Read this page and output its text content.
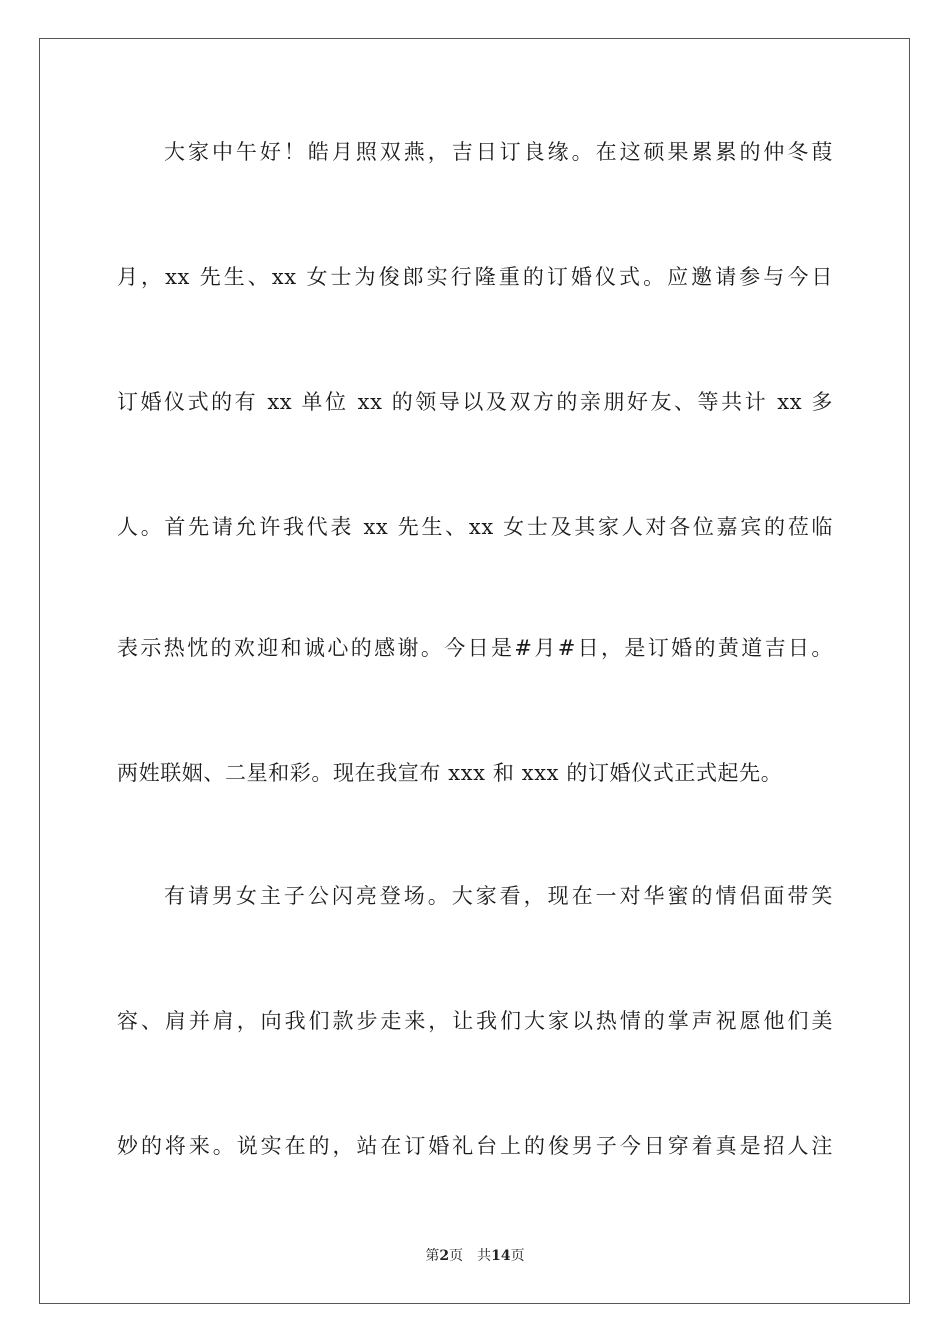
大家中午好！皓月照双燕，吉日订良缘。在这硕果累累的仲冬葭

月，xx 先生、xx 女士为俊郎实行隆重的订婚仪式。应邀请参与今日

订婚仪式的有 xx 单位 xx 的领导以及双方的亲朋好友、等共计 xx 多

人。首先请允许我代表 xx 先生、xx 女士及其家人对各位嘉宾的莅临

表示热忱的欢迎和诚心的感谢。今日是#月#日，是订婚的黄道吉日。

两姓联姻、二星和彩。现在我宣布 xxx 和 xxx 的订婚仪式正式起先。

有请男女主子公闪亮登场。大家看，现在一对华蜜的情侣面带笑

容、肩并肩，向我们款步走来，让我们大家以热情的掌声祝愿他们美

妙的将来。说实在的，站在订婚礼台上的俊男子今日穿着真是招人注

第2页 共14页
